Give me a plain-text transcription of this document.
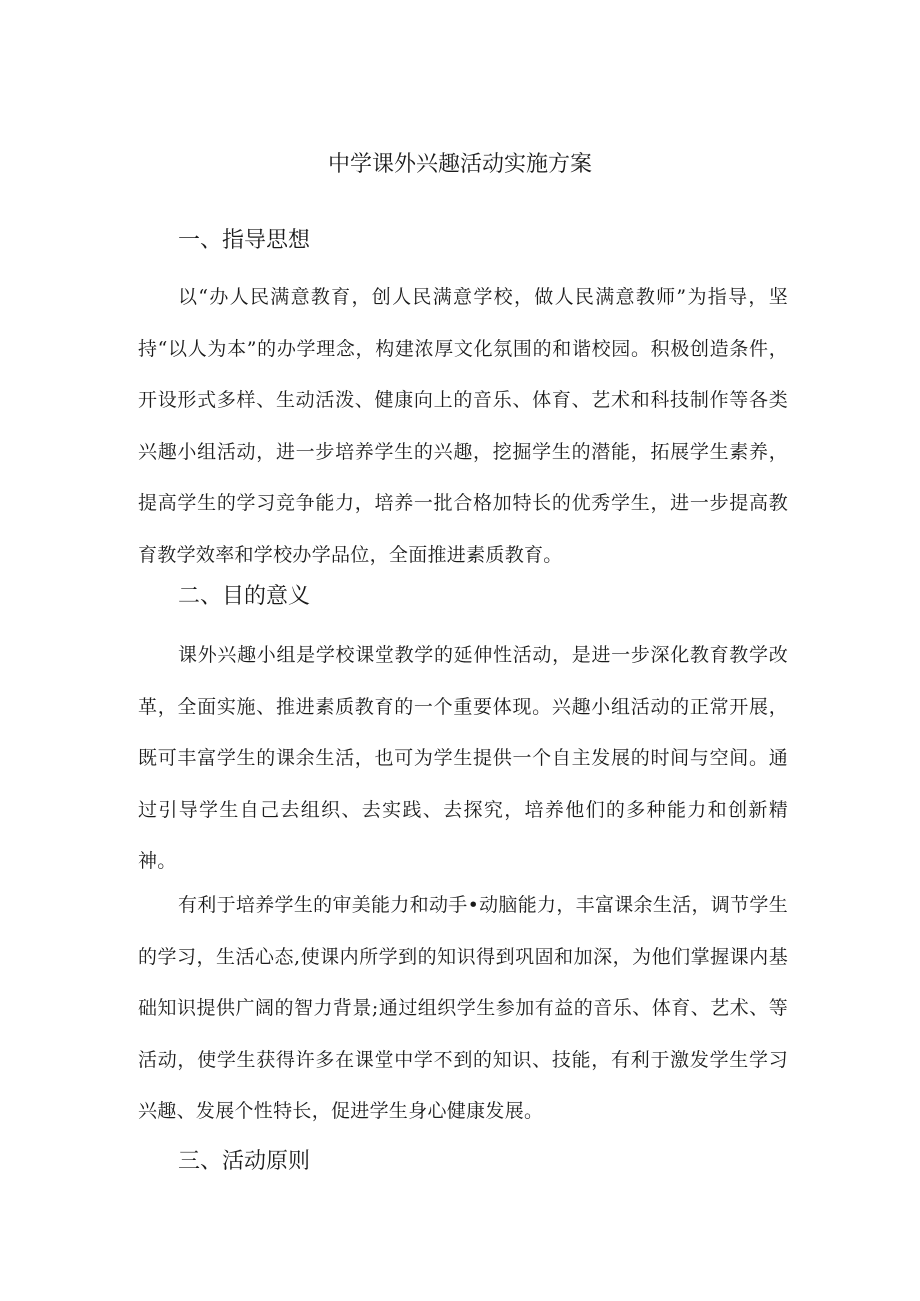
中学课外兴趣活动实施方案
一、指导思想

以“办人民满意教育，创人民满意学校，做人民满意教师”为指导，坚持“以人为本”的办学理念，构建浓厚文化氛围的和谐校园。积极创造条件，开设形式多样、生动活泼、健康向上的音乐、体育、艺术和科技制作等各类兴趣小组活动，进一步培养学生的兴趣，挖掘学生的潜能，拓展学生素养，提高学生的学习竞争能力，培养一批合格加特长的优秀学生，进一步提高教育教学效率和学校办学品位，全面推进素质教育。

二、目的意义

课外兴趣小组是学校课堂教学的延伸性活动，是进一步深化教育教学改革，全面实施、推进素质教育的一个重要体现。兴趣小组活动的正常开展，既可丰富学生的课余生活，也可为学生提供一个自主发展的时间与空间。通过引导学生自己去组织、去实践、去探究，培养他们的多种能力和创新精神。

有利于培养学生的审美能力和动手•动脑能力，丰富课余生活，调节学生的学习，生活心态,使课内所学到的知识得到巩固和加深，为他们掌握课内基础知识提供广阔的智力背景;通过组织学生参加有益的音乐、体育、艺术、等活动，使学生获得许多在课堂中学不到的知识、技能，有利于激发学生学习兴趣、发展个性特长，促进学生身心健康发展。

三、活动原则
